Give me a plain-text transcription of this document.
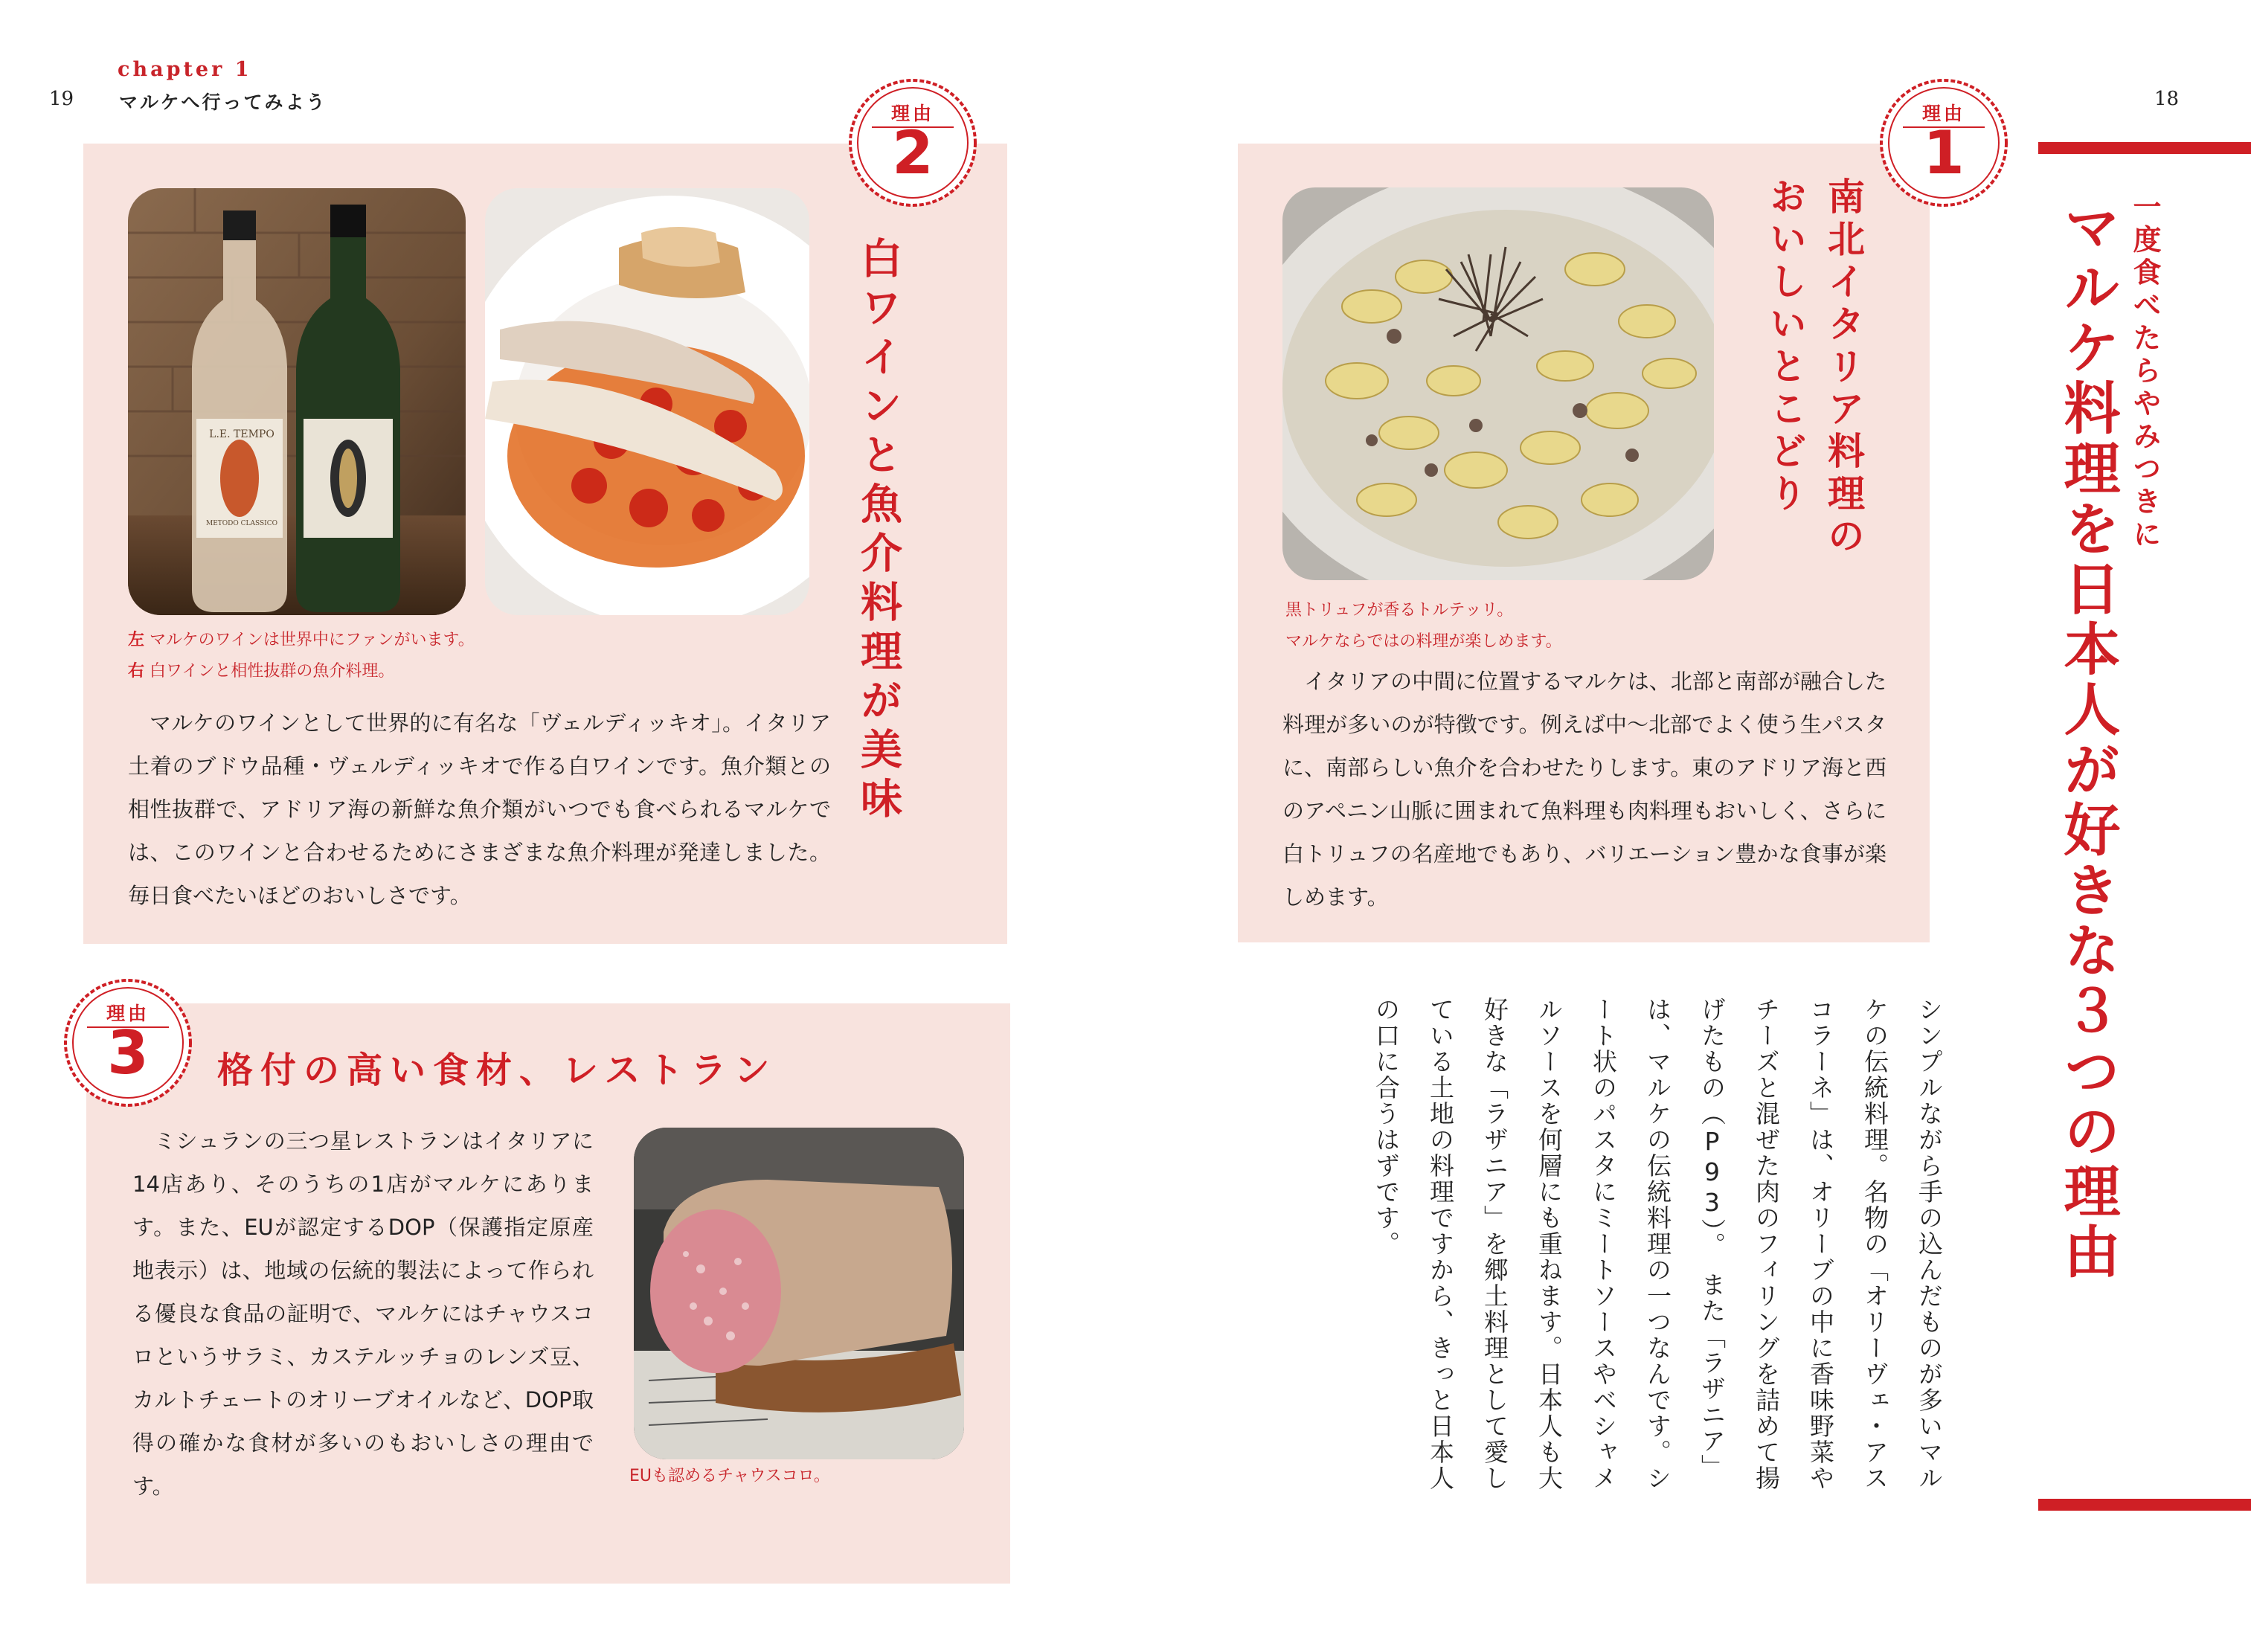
19
chapter 1
マルケへ行ってみよう
L.E. TEMPO
METODO CLASSICO
左 マルケのワインは世界中にファンがいます。
右 白ワインと相性抜群の魚介料理。
マルケのワインとして世界的に有名な「ヴェルディッキオ」。イタリア土着のブドウ品種・ヴェルディッキオで作る白ワインです。魚介類との相性抜群で、アドリア海の新鮮な魚介類がいつでも食べられるマルケでは、このワインと合わせるためにさまざまな魚介料理が発達しました。毎日食べたいほどのおいしさです。
白ワインと魚介料理が美味
理由
2
理由
3	格付の高い食材、レストラン
ミシュランの三つ星レストランはイタリアに14店あり、そのうちの1店がマルケにあります。また、EUが認定するDOP（保護指定原産地表示）は、地域の伝統的製法によって作られる優良な食品の証明で、マルケにはチャウスコロというサラミ、カステルッチョのレンズ豆、カルトチェートのオリーブオイルなど、DOP取得の確かな食材が多いのもおいしさの理由です。	EUも認めるチャウスコロ。
18
一度食べたらやみつきに
マルケ料理を日本人が好きな３つの理由
黒トリュフが香るトルテッリ。
マルケならではの料理が楽しめます。
イタリアの中間に位置するマルケは、北部と南部が融合した料理が多いのが特徴です。例えば中〜北部でよく使う生パスタに、南部らしい魚介を合わせたりします。東のアドリア海と西のアペニン山脈に囲まれて魚料理も肉料理もおいしく、さらに白トリュフの名産地でもあり、バリエーション豊かな食事が楽しめます。
南北イタリア料理の
おいしいとこどり
理由
1
シンプルながら手の込んだものが多いマルケの伝統料理。名物の「オリーヴェ・アスコラーネ」は、オリーブの中に香味野菜やチーズと混ぜた肉のフィリングを詰めて揚げたもの（P93）。　また「ラザニア」は、マルケの伝統料理の一つなんです。シート状のパスタにミートソースやベシャメルソースを何層にも重ねます。日本人も大好きな「ラザニア」を郷土料理として愛している土地の料理ですから、きっと日本人の口に合うはずです。
